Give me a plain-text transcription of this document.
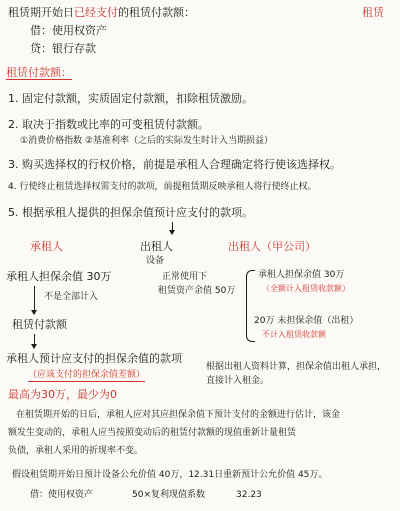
租赁期开始日已经支付的租赁付款额：	租赁
借：使用权资产
贷：银行存款
租赁付款额：
1. 固定付款额，实质固定付款额，扣除租赁激励。
2. 取决于指数或比率的可变租赁付款额。
①消费价格指数 ②基准利率（之后的实际发生时计入当期损益）
3. 购买选择权的行权价格，前提是承租人合理确定将行使该选择权。
4. 行使终止租赁选择权需支付的款项，前提租赁期反映承租人将行使终止权。
5. 根据承租人提供的担保余值预计应支付的款项。
承租人	出租人
设备
出租人（甲公司）
承租人担保余值 30万
不是全部计入
租赁付款额
承租人预计应支付的担保余值的款项
（应该支付的担保余值差额）
正常使用下
租赁资产余值 50万
承租人担保余值 30万
（全额计入租赁收款额）
20万 未担保余值（出租）
不计入租赁收款额
最高为30万，最少为0
根据出租人资料计算，担保余值出租人承担，直接计入租金。
在租赁期开始的日后，承租人应对其应担保余值下预计支付的金额进行估计，该金
额发生变动的，承租人应当按照变动后的租赁付款额的现值重新计量租赁
负债，承租人采用的折现率不变。
假设租赁期开始日预计设备公允价值 40万，12.31日重新预计公允价值 45万。
借：使用权资产	50×复利现值系数	32.23
